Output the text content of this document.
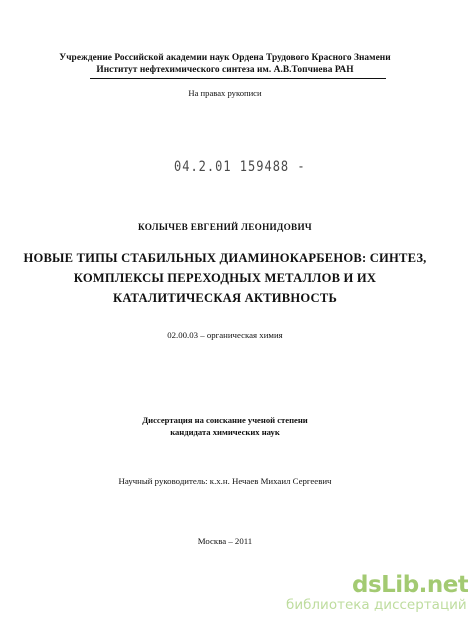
Учреждение Российской академии наук Ордена Трудового Красного Знамени
Институт нефтехимического синтеза им. А.В.Топчиева РАН
На правах рукописи
04.2.01 159488 -
КОЛЫЧЕВ ЕВГЕНИЙ ЛЕОНИДОВИЧ
НОВЫЕ ТИПЫ СТАБИЛЬНЫХ ДИАМИНОКАРБЕНОВ: СИНТЕЗ,
КОМПЛЕКСЫ ПЕРЕХОДНЫХ МЕТАЛЛОВ И ИХ
КАТАЛИТИЧЕСКАЯ АКТИВНОСТЬ
02.00.03 – органическая химия
Диссертация на соискание ученой степени
кандидата химических наук
Научный руководитель: к.х.н. Нечаев Михаил Сергеевич
Москва – 2011
dsLib.net
библиотека диссертаций
